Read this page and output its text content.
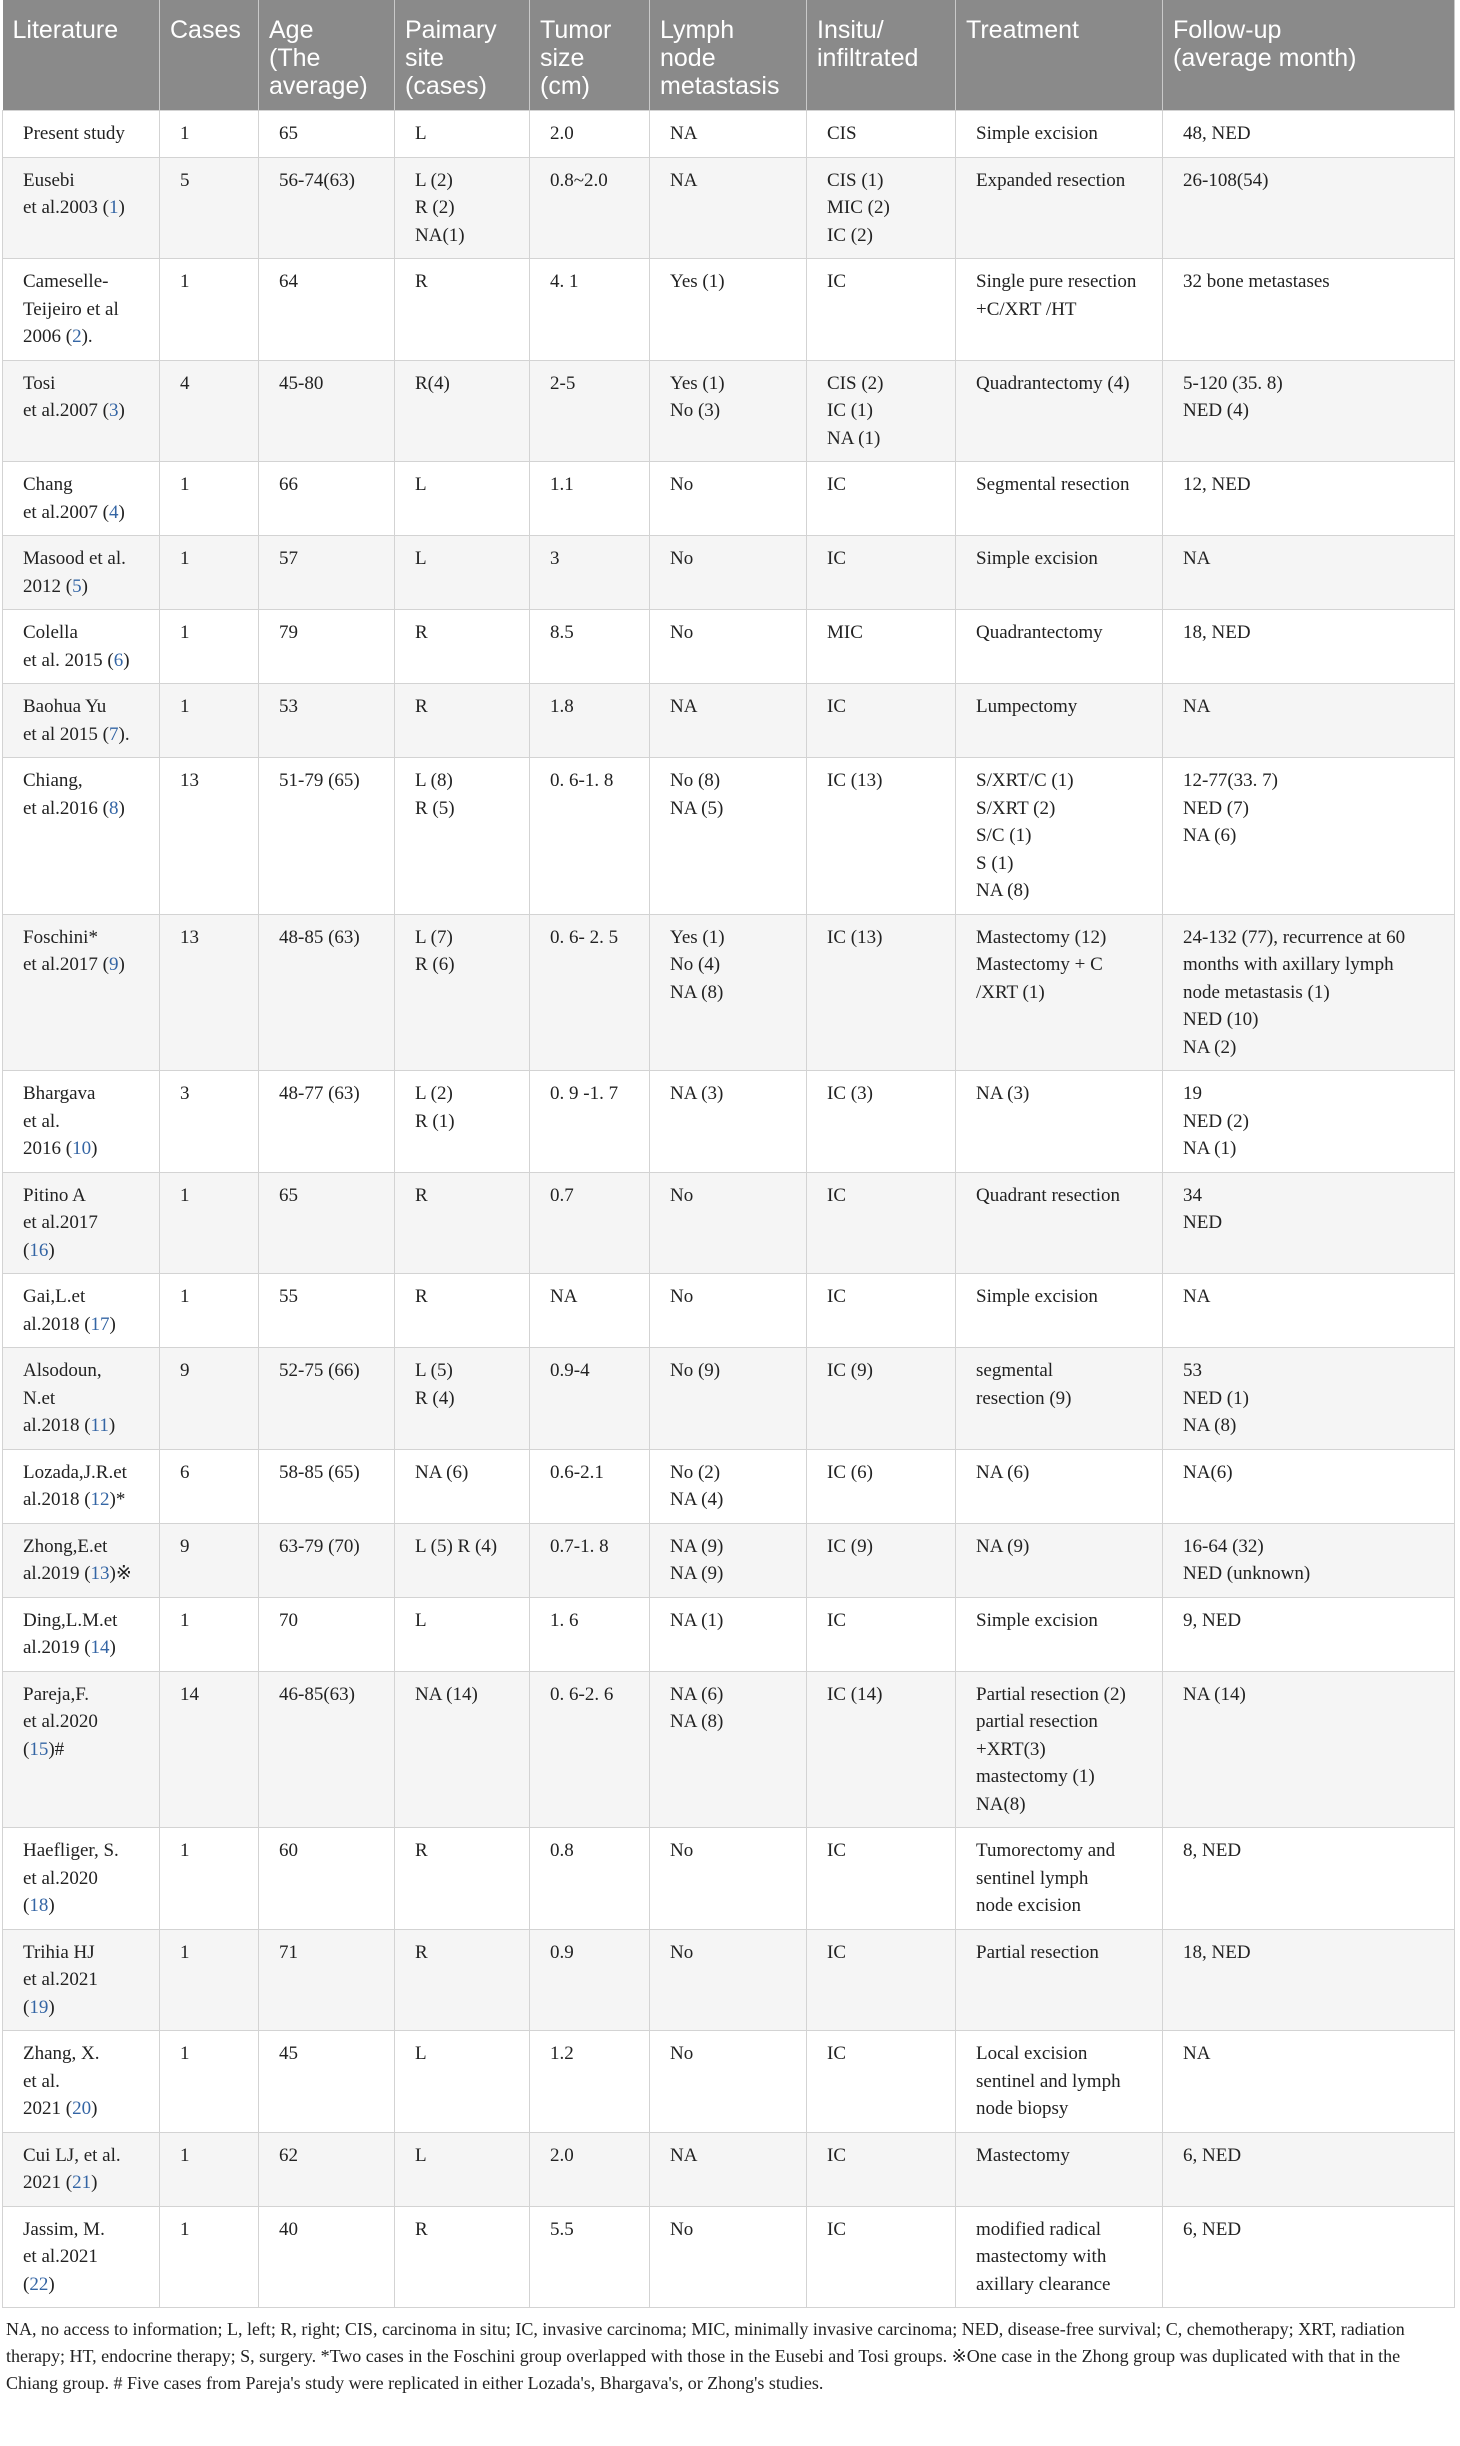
Literature	Cases	Age
(The
average)	Paimary
site
(cases)	Tumor
size
(cm)	Lymph
node
metastasis	Insitu/
infiltrated	Treatment	Follow-up
(average month)

Present study	1	65	L	2.0	NA	CIS	Simple excision	48, NED

Eusebi
et al.2003 (1)	5	56-74(63)	L (2)
R (2)
NA(1)	0.8~2.0	NA	CIS (1)
MIC (2)
IC (2)	Expanded resection	26-108(54)

Cameselle-
Teijeiro et al
2006 (2).	1	64	R	4. 1	Yes (1)	IC	Single pure resection
+C/XRT /HT	32 bone metastases

Tosi
et al.2007 (3)	4	45-80	R(4)	2-5	Yes (1)
No (3)	CIS (2)
IC (1)
NA (1)	Quadrantectomy (4)	5-120 (35. 8)
NED (4)

Chang
et al.2007 (4)	1	66	L	1.1	No	IC	Segmental resection	12, NED

Masood et al.
2012 (5)	1	57	L	3	No	IC	Simple excision	NA

Colella
et al. 2015 (6)	1	79	R	8.5	No	MIC	Quadrantectomy	18, NED

Baohua Yu
et al 2015 (7).	1	53	R	1.8	NA	IC	Lumpectomy	NA

Chiang,
et al.2016 (8)	13	51-79 (65)	L (8)
R (5)	0. 6-1. 8	No (8)
NA (5)	IC (13)	S/XRT/C (1)
S/XRT (2)
S/C (1)
S (1)
NA (8)	12-77(33. 7)
NED (7)
NA (6)

Foschini*
et al.2017 (9)	13	48-85 (63)	L (7)
R (6)	0. 6- 2. 5	Yes (1)
No (4)
NA (8)	IC (13)	Mastectomy (12)
Mastectomy + C
/XRT (1)	24-132 (77), recurrence at 60
months with axillary lymph
node metastasis (1)
NED (10)
NA (2)

Bhargava
et al.
2016 (10)	3	48-77 (63)	L (2)
R (1)	0. 9 -1. 7	NA (3)	IC (3)	NA (3)	19
NED (2)
NA (1)

Pitino A
et al.2017
(16)	1	65	R	0.7	No	IC	Quadrant resection	34
NED

Gai,L.et
al.2018 (17)	1	55	R	NA	No	IC	Simple excision	NA

Alsodoun,
N.et
al.2018 (11)	9	52-75 (66)	L (5)
R (4)	0.9-4	No (9)	IC (9)	segmental
resection (9)	53
NED (1)
NA (8)

Lozada,J.R.et
al.2018 (12)*	6	58-85 (65)	NA (6)	0.6-2.1	No (2)
NA (4)	IC (6)	NA (6)	NA(6)

Zhong,E.et
al.2019 (13)※	9	63-79 (70)	L (5) R (4)	0.7-1. 8	NA (9)
NA (9)	IC (9)	NA (9)	16-64 (32)
NED (unknown)

Ding,L.M.et
al.2019 (14)	1	70	L	1. 6	NA (1)	IC	Simple excision	9, NED

Pareja,F.
et al.2020
(15)#	14	46-85(63)	NA (14)	0. 6-2. 6	NA (6)
NA (8)	IC (14)	Partial resection (2)
partial resection
+XRT(3)
mastectomy (1)
NA(8)	NA (14)

Haefliger, S.
et al.2020
(18)	1	60	R	0.8	No	IC	Tumorectomy and
sentinel lymph
node excision	8, NED

Trihia HJ
et al.2021
(19)	1	71	R	0.9	No	IC	Partial resection	18, NED

Zhang, X.
et al.
2021 (20)	1	45	L	1.2	No	IC	Local excision
sentinel and lymph
node biopsy	NA

Cui LJ, et al.
2021 (21)	1	62	L	2.0	NA	IC	Mastectomy	6, NED

Jassim, M.
et al.2021
(22)	1	40	R	5.5	No	IC	modified radical
mastectomy with
axillary clearance	6, NED
NA, no access to information; L, left; R, right; CIS, carcinoma in situ; IC, invasive carcinoma; MIC, minimally invasive carcinoma; NED, disease-free survival; C, chemotherapy; XRT, radiation therapy; HT, endocrine therapy; S, surgery. *Two cases in the Foschini group overlapped with those in the Eusebi and Tosi groups. ※One case in the Zhong group was duplicated with that in the Chiang group. # Five cases from Pareja's study were replicated in either Lozada's, Bhargava's, or Zhong's studies.
